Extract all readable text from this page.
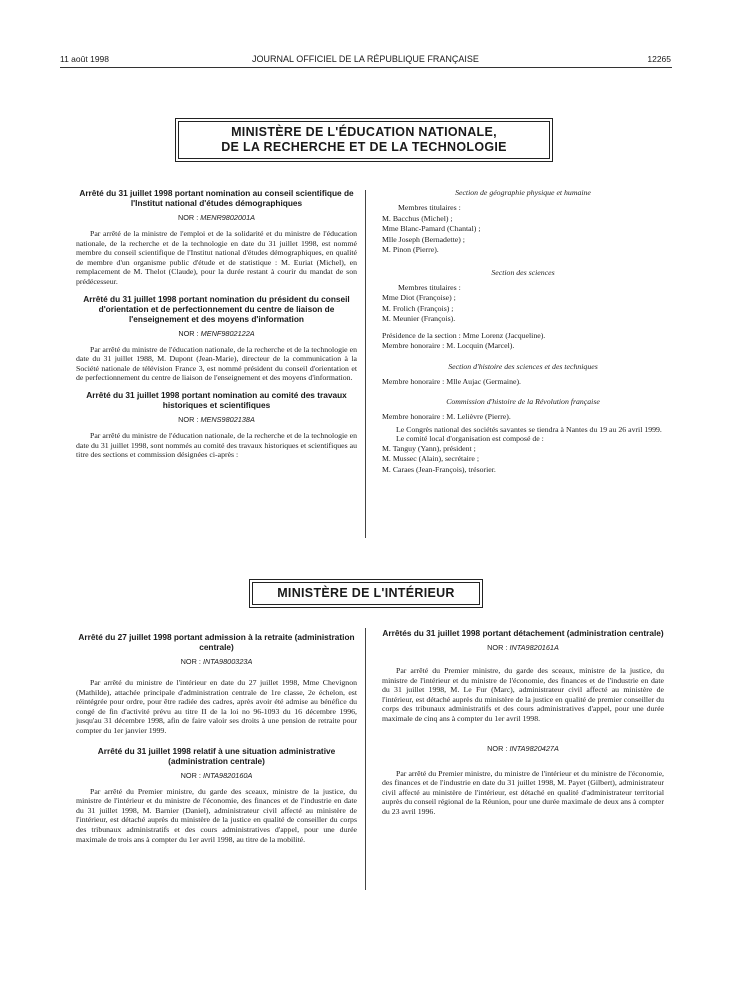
11 août 1998	JOURNAL OFFICIEL DE LA RÉPUBLIQUE FRANÇAISE	12265
MINISTÈRE DE L'ÉDUCATION NATIONALE,
DE LA RECHERCHE ET DE LA TECHNOLOGIE

Arrêté du 31 juillet 1998 portant nomination au conseil scientifique de l'Institut national d'études démographiques

NOR : MENR9802001A

Par arrêté de la ministre de l'emploi et de la solidarité et du ministre de l'éducation nationale, de la recherche et de la technologie en date du 31 juillet 1998, est nommé membre du conseil scientifique de l'Institut national d'études démographiques, en qualité de membre d'un organisme public d'étude et de statistique : M. Euriat (Michel), en remplacement de M. Thelot (Claude), pour la durée restant à courir du mandat de son prédécesseur.

Arrêté du 31 juillet 1998 portant nomination du président du conseil d'orientation et de perfectionnement du centre de liaison de l'enseignement et des moyens d'information

NOR : MENF9802122A

Par arrêté du ministre de l'éducation nationale, de la recherche et de la technologie en date du 31 juillet 1988, M. Dupont (Jean-Marie), directeur de la communication à la Société nationale de télévision France 3, est nommé président du conseil d'orientation et de perfectionnement du centre de liaison de l'enseignement et des moyens d'information.

Arrêté du 31 juillet 1998 portant nomination au comité des travaux historiques et scientifiques

NOR : MENS9802138A

Par arrêté du ministre de l'éducation nationale, de la recherche et de la technologie en date du 31 juillet 1998, sont nommés au comité des travaux historiques et scientifiques au titre des sections et commission désignées ci-après :

Section de géographie physique et humaine

Membres titulaires :

M. Bacchus (Michel) ;

Mme Blanc-Pamard (Chantal) ;

Mlle Joseph (Bernadette) ;

M. Pinon (Pierre).

Section des sciences

Membres titulaires :

Mme Diot (Françoise) ;

M. Frolich (François) ;

M. Meunier (François).

Présidence de la section : Mme Lorenz (Jacqueline).

Membre honoraire : M. Locquin (Marcel).

Section d'histoire des sciences et des techniques

Membre honoraire : Mlle Aujac (Germaine).

Commission d'histoire de la Révolution française

Membre honoraire : M. Lelièvre (Pierre).

Le Congrès national des sociétés savantes se tiendra à Nantes du 19 au 26 avril 1999.

Le comité local d'organisation est composé de :

M. Tanguy (Yann), président ;

M. Mussec (Alain), secrétaire ;

M. Caraes (Jean-François), trésorier.

MINISTÈRE DE L'INTÉRIEUR

Arrêté du 27 juillet 1998 portant admission à la retraite (administration centrale)

NOR : INTA9800323A

Par arrêté du ministre de l'intérieur en date du 27 juillet 1998, Mme Chevignon (Mathilde), attachée principale d'administration centrale de 1re classe, 2e échelon, est réintégrée pour ordre, pour être radiée des cadres, après avoir été admise au bénéfice du congé de fin d'activité prévu au titre II de la loi no 96-1093 du 16 décembre 1996, jusqu'au 31 décembre 1998, afin de faire valoir ses droits à une pension de retraite pour compter du 1er janvier 1999.

Arrêté du 31 juillet 1998 relatif à une situation administrative (administration centrale)

NOR : INTA9820160A

Par arrêté du Premier ministre, du garde des sceaux, ministre de la justice, du ministre de l'intérieur et du ministre de l'économie, des finances et de l'industrie en date du 31 juillet 1998, M. Barnier (Daniel), administrateur civil affecté au ministère de l'intérieur, est détaché auprès du ministère de la justice en qualité de conseiller du corps des tribunaux administratifs et des cours administratives d'appel, pour une durée maximale de trois ans à compter du 1er avril 1998, au titre de la mobilité.

Arrêtés du 31 juillet 1998 portant détachement (administration centrale)

NOR : INTA9820161A

Par arrêté du Premier ministre, du garde des sceaux, ministre de la justice, du ministre de l'intérieur et du ministre de l'économie, des finances et de l'industrie en date du 31 juillet 1998, M. Le Fur (Marc), administrateur civil affecté au ministère de l'intérieur, est détaché auprès du ministère de la justice en qualité de premier conseiller du corps des tribunaux administratifs et des cours administratives d'appel, pour une durée maximale de cinq ans à compter du 1er avril 1998.

NOR : INTA9820427A

Par arrêté du Premier ministre, du ministre de l'intérieur et du ministre de l'économie, des finances et de l'industrie en date du 31 juillet 1998, M. Payet (Gilbert), administrateur civil affecté au ministère de l'intérieur, est détaché en qualité d'administrateur territorial auprès du conseil régional de la Réunion, pour une durée maximale de deux ans à compter du 23 avril 1996.
